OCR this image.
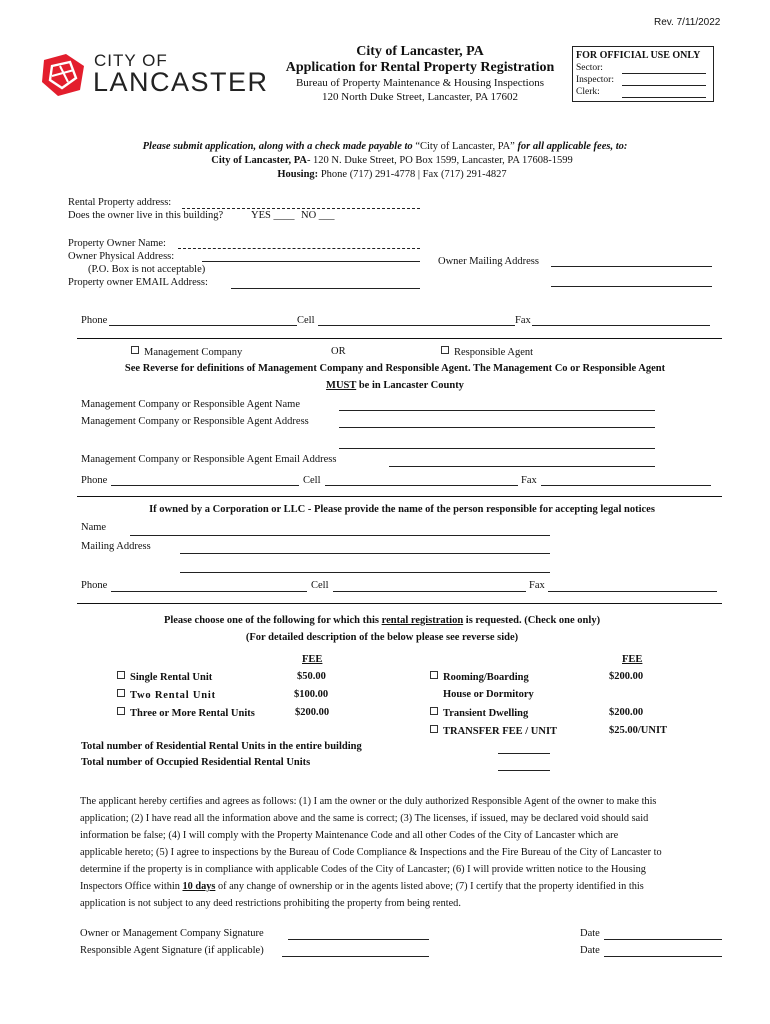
Rev. 7/11/2022
CITY OF
LANCASTER
City of Lancaster, PA
Application for Rental Property Registration
Bureau of Property Maintenance & Housing Inspections
120 North Duke Street, Lancaster, PA 17602
FOR OFFICIAL USE ONLY
Sector:
Inspector:
Clerk:
Please submit application, along with a check made payable to “City of Lancaster, PA” for all applicable fees, to:
City of Lancaster, PA- 120 N. Duke Street, PO Box 1599, Lancaster, PA 17608-1599
Housing: Phone (717) 291-4778 | Fax (717) 291-4827
Rental Property address:
Does the owner live in this building?	YES ____ NO ___
Property Owner Name:
Owner Physical Address:
(P.O. Box is not acceptable)
Property owner EMAIL Address:
Owner Mailing Address
Phone	Cell	Fax
Management Company	OR	Responsible Agent
See Reverse for definitions of Management Company and Responsible Agent. The Management Co or Responsible Agent
MUST be in Lancaster County
Management Company or Responsible Agent Name
Management Company or Responsible Agent Address
Management Company or Responsible Agent Email Address
Phone	Cell	Fax
If owned by a Corporation or LLC - Please provide the name of the person responsible for accepting legal notices
Name
Mailing Address
Phone	Cell	Fax
Please choose one of the following for which this rental registration is requested. (Check one only)
(For detailed description of the below please see reverse side)
FEE	FEE
Single Rental Unit	$50.00
Two Rental Unit	$100.00
Three or More Rental Units	$200.00
Rooming/Boarding	$200.00
House or Dormitory
Transient Dwelling	$200.00
TRANSFER FEE / UNIT	$25.00/UNIT
Total number of Residential Rental Units in the entire building
Total number of Occupied Residential Rental Units
The applicant hereby certifies and agrees as follows: (1) I am the owner or the duly authorized Responsible Agent of the owner to make this
application; (2) I have read all the information above and the same is correct; (3) The licenses, if issued, may be declared void should said
information be false; (4) I will comply with the Property Maintenance Code and all other Codes of the City of Lancaster which are
applicable hereto; (5) I agree to inspections by the Bureau of Code Compliance & Inspections and the Fire Bureau of the City of Lancaster to
determine if the property is in compliance with applicable Codes of the City of Lancaster; (6) I will provide written notice to the Housing
Inspectors Office within 10 days of any change of ownership or in the agents listed above; (7) I certify that the property identified in this
application is not subject to any deed restrictions prohibiting the property from being rented.
Owner or Management Company Signature
Responsible Agent Signature (if applicable)
Date
Date
